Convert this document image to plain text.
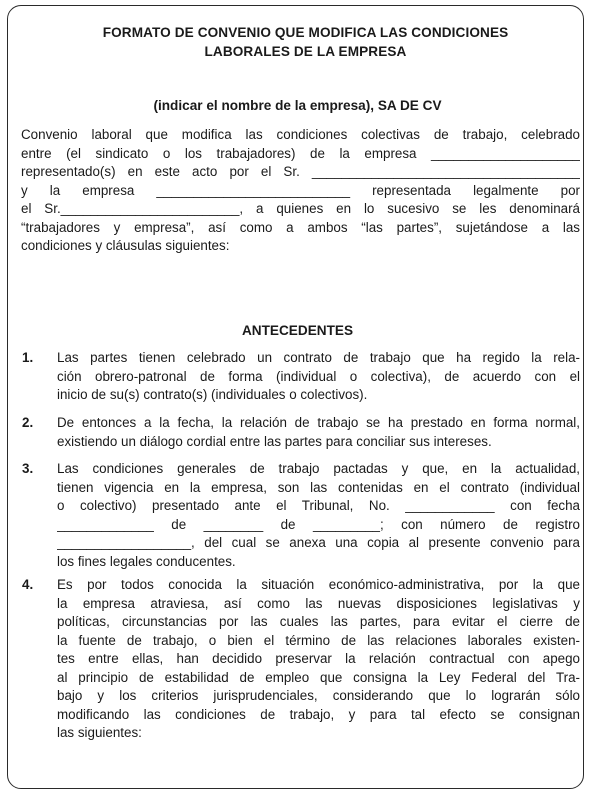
FORMATO DE CONVENIO QUE MODIFICA LAS CONDICIONES
LABORALES DE LA EMPRESA
(indicar el nombre de la empresa), SA DE CV
Convenio laboral que modifica las condiciones colectivas de trabajo, celebrado
entre (el sindicato o los trabajadores) de la empresa ____________________
representado(s) en este acto por el Sr. ____________________________________
y la empresa __________________________ representada legalmente por
el Sr.________________________, a quienes en lo sucesivo se les denominará
“trabajadores y empresa”, así como a ambos “las partes”, sujetándose a las
condiciones y cláusulas siguientes:
ANTECEDENTES
1. Las partes tienen celebrado un contrato de trabajo que ha regido la rela-
ción obrero-patronal de forma (individual o colectiva), de acuerdo con el
inicio de su(s) contrato(s) (individuales o colectivos).
2. De entonces a la fecha, la relación de trabajo se ha prestado en forma normal,
existiendo un diálogo cordial entre las partes para conciliar sus intereses.
3. Las condiciones generales de trabajo pactadas y que, en la actualidad,
tienen vigencia en la empresa, son las contenidas en el contrato (individual
o colectivo) presentado ante el Tribunal, No. ____________ con fecha
_____________ de ________ de _________; con número de registro
__________________, del cual se anexa una copia al presente convenio para
los fines legales conducentes.
4. Es por todos conocida la situación económico-administrativa, por la que
la empresa atraviesa, así como las nuevas disposiciones legislativas y
políticas, circunstancias por las cuales las partes, para evitar el cierre de
la fuente de trabajo, o bien el término de las relaciones laborales existen-
tes entre ellas, han decidido preservar la relación contractual con apego
al principio de estabilidad de empleo que consigna la Ley Federal del Tra-
bajo y los criterios jurisprudenciales, considerando que lo lograrán sólo
modificando las condiciones de trabajo, y para tal efecto se consignan
las siguientes:
